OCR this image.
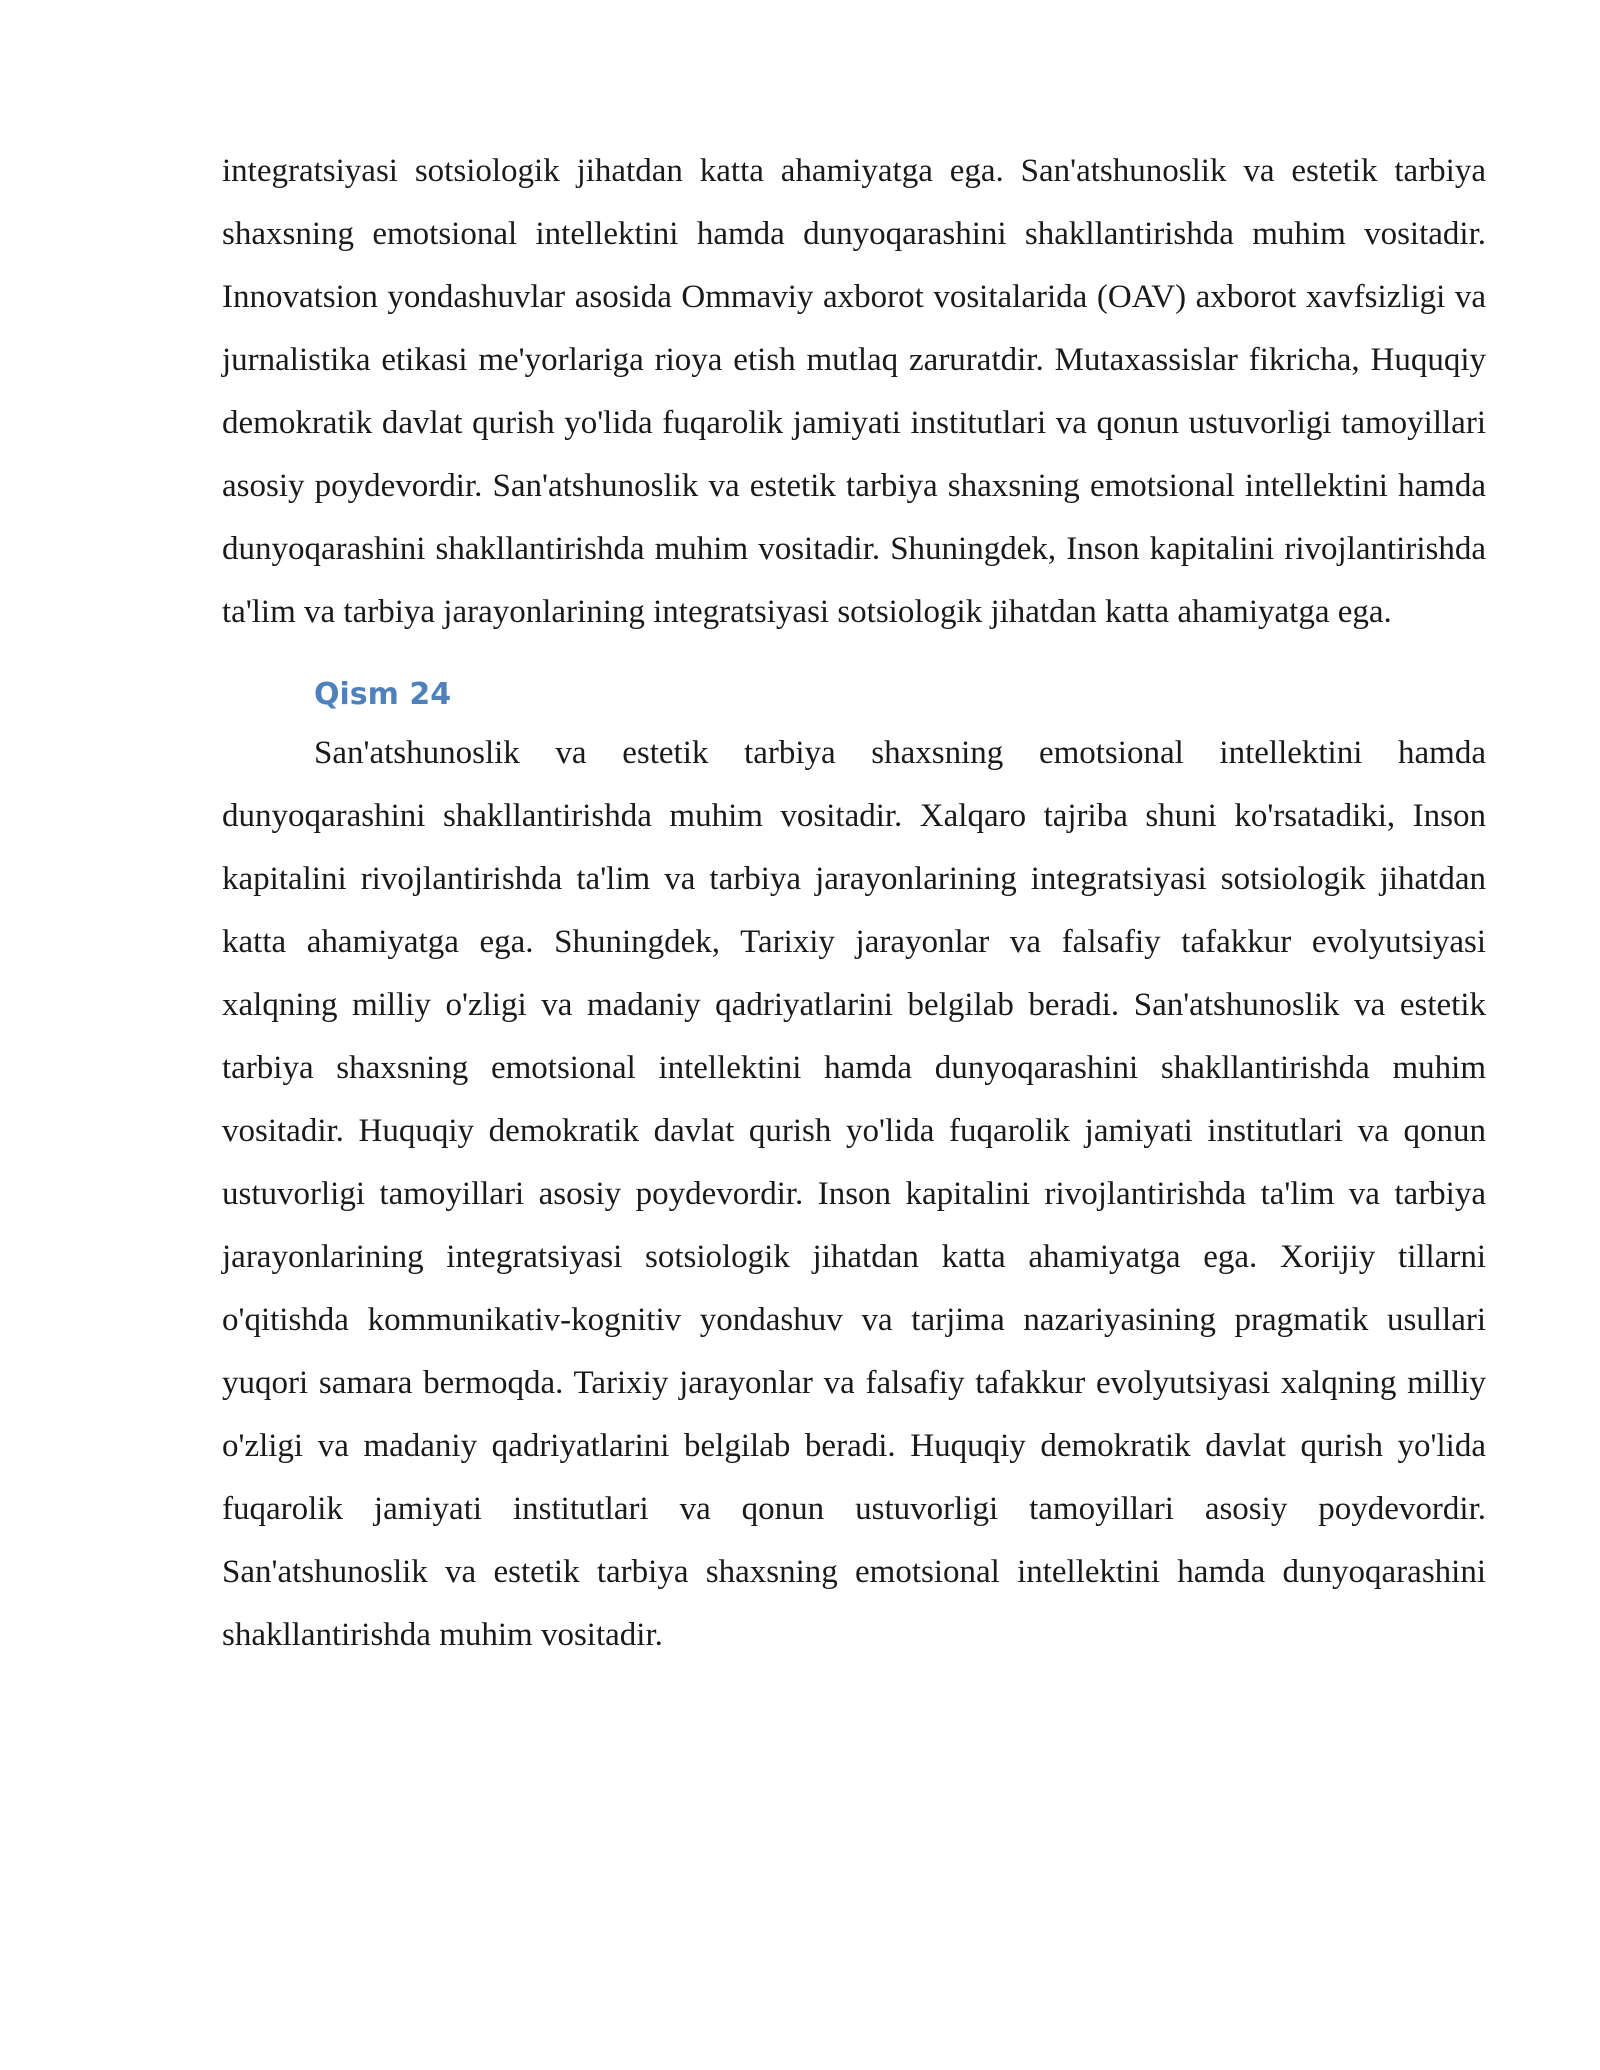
integratsiyasi sotsiologik jihatdan katta ahamiyatga ega. San'atshunoslik va estetik tarbiya shaxsning emotsional intellektini hamda dunyoqarashini shakllantirishda muhim vositadir. Innovatsion yondashuvlar asosida Ommaviy axborot vositalarida (OAV) axborot xavfsizligi va jurnalistika etikasi me'yorlariga rioya etish mutlaq zaruratdir. Mutaxassislar fikricha, Huquqiy demokratik davlat qurish yo'lida fuqarolik jamiyati institutlari va qonun ustuvorligi tamoyillari asosiy poydevordir. San'atshunoslik va estetik tarbiya shaxsning emotsional intellektini hamda dunyoqarashini shakllantirishda muhim vositadir. Shuningdek, Inson kapitalini rivojlantirishda ta'lim va tarbiya jarayonlarining integratsiyasi sotsiologik jihatdan katta ahamiyatga ega.

Qism 24

San'atshunoslik va estetik tarbiya shaxsning emotsional intellektini hamda dunyoqarashini shakllantirishda muhim vositadir. Xalqaro tajriba shuni ko'rsatadiki, Inson kapitalini rivojlantirishda ta'lim va tarbiya jarayonlarining integratsiyasi sotsiologik jihatdan katta ahamiyatga ega. Shuningdek, Tarixiy jarayonlar va falsafiy tafakkur evolyutsiyasi xalqning milliy o'zligi va madaniy qadriyatlarini belgilab beradi. San'atshunoslik va estetik tarbiya shaxsning emotsional intellektini hamda dunyoqarashini shakllantirishda muhim vositadir. Huquqiy demokratik davlat qurish yo'lida fuqarolik jamiyati institutlari va qonun ustuvorligi tamoyillari asosiy poydevordir. Inson kapitalini rivojlantirishda ta'lim va tarbiya jarayonlarining integratsiyasi sotsiologik jihatdan katta ahamiyatga ega. Xorijiy tillarni o'qitishda kommunikativ-kognitiv yondashuv va tarjima nazariyasining pragmatik usullari yuqori samara bermoqda. Tarixiy jarayonlar va falsafiy tafakkur evolyutsiyasi xalqning milliy o'zligi va madaniy qadriyatlarini belgilab beradi. Huquqiy demokratik davlat qurish yo'lida fuqarolik jamiyati institutlari va qonun ustuvorligi tamoyillari asosiy poydevordir. San'atshunoslik va estetik tarbiya shaxsning emotsional intellektini hamda dunyoqarashini shakllantirishda muhim vositadir.
